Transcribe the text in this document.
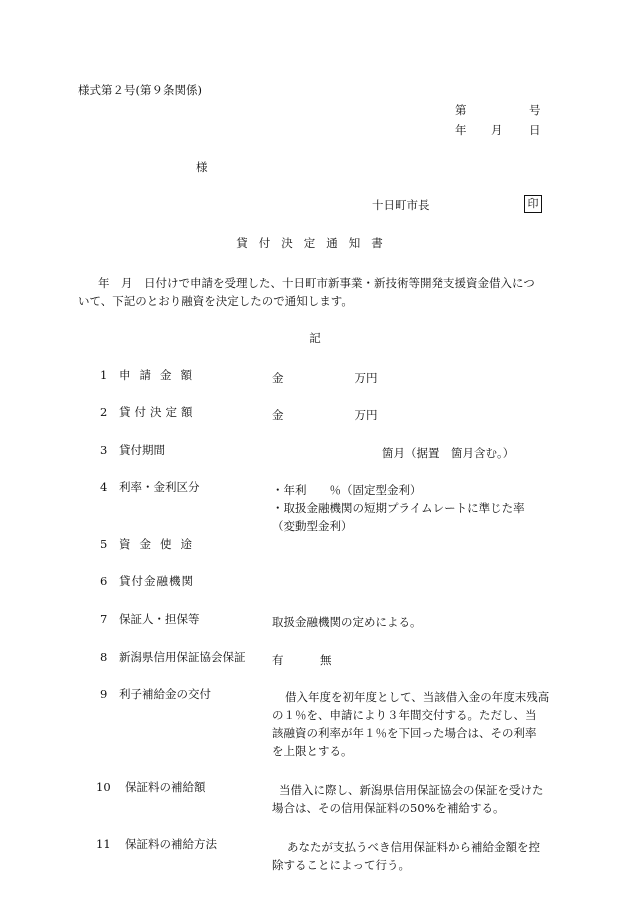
様式第２号(第９条関係)
第	号
年 月 日
様
十日町市長	印
貸付決定通知書

年　月　日付けで申請を受理した、十日町市新事業・新技術等開発支援資金借入につ

いて、下記のとおり融資を決定したので通知します。

記
1 申請金額	金	万円
2 貸付決定額	金	万円
3 貸付期間	箇月（据置　箇月含む。）
4 利率・金利区分	・年利　　％（固定型金利）
・取扱金融機関の短期プライムレートに準じた率
（変動型金利）
5 資金使途
6 貸付金融機関
7 保証人・担保等	取扱金融機関の定めによる。
8 新潟県信用保証協会保証 有	無
9 利子補給金の交付	借入年度を初年度として、当該借入金の年度末残高
の１％を、申請により３年間交付する。ただし、当
該融資の利率が年１％を下回った場合は、その利率
を上限とする。
10 保証料の補給額	当借入に際し、新潟県信用保証協会の保証を受けた
場合は、その信用保証料の50%を補給する。
11 保証料の補給方法	あなたが支払うべき信用保証料から補給金額を控
除することによって行う。
